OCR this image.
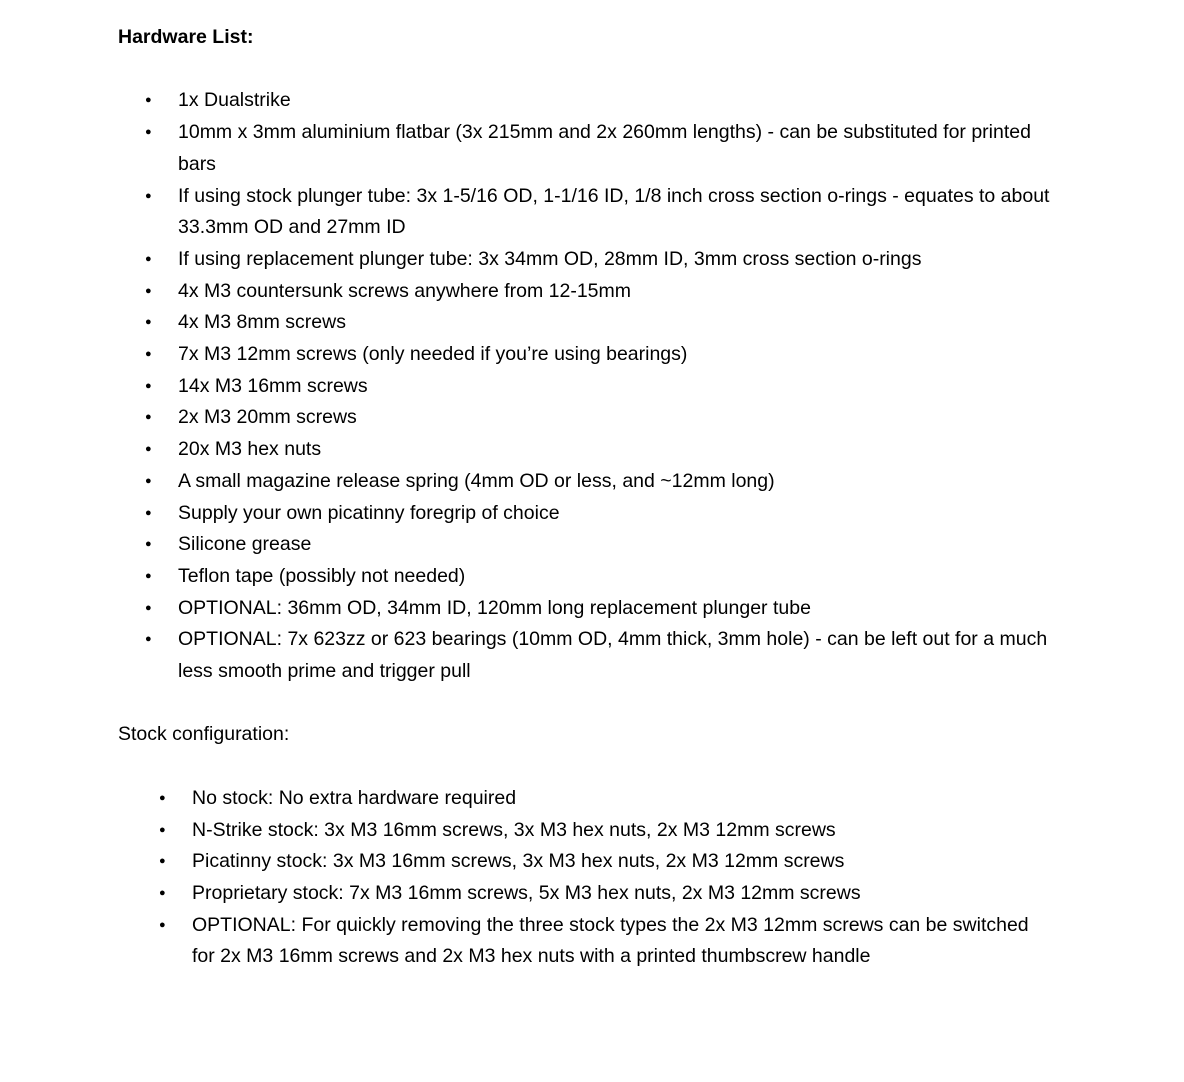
Hardware List:

● 1x Dualstrike
● 10mm x 3mm aluminium flatbar (3x 215mm and 2x 260mm lengths) - can be substituted for printed bars
● If using stock plunger tube: 3x 1-5/16 OD, 1-1/16 ID, 1/8 inch cross section o-rings - equates to about 33.3mm OD and 27mm ID
● If using replacement plunger tube: 3x 34mm OD, 28mm ID, 3mm cross section o-rings
● 4x M3 countersunk screws anywhere from 12-15mm
● 4x M3 8mm screws
● 7x M3 12mm screws (only needed if you’re using bearings)
● 14x M3 16mm screws
● 2x M3 20mm screws
● 20x M3 hex nuts
● A small magazine release spring (4mm OD or less, and ~12mm long)
● Supply your own picatinny foregrip of choice
● Silicone grease
● Teflon tape (possibly not needed)
● OPTIONAL: 36mm OD, 34mm ID, 120mm long replacement plunger tube
● OPTIONAL: 7x 623zz or 623 bearings (10mm OD, 4mm thick, 3mm hole) - can be left out for a much less smooth prime and trigger pull

Stock configuration:

● No stock: No extra hardware required
● N-Strike stock: 3x M3 16mm screws, 3x M3 hex nuts, 2x M3 12mm screws
● Picatinny stock: 3x M3 16mm screws, 3x M3 hex nuts, 2x M3 12mm screws
● Proprietary stock: 7x M3 16mm screws, 5x M3 hex nuts, 2x M3 12mm screws
● OPTIONAL: For quickly removing the three stock types the 2x M3 12mm screws can be switched for 2x M3 16mm screws and 2x M3 hex nuts with a printed thumbscrew handle
